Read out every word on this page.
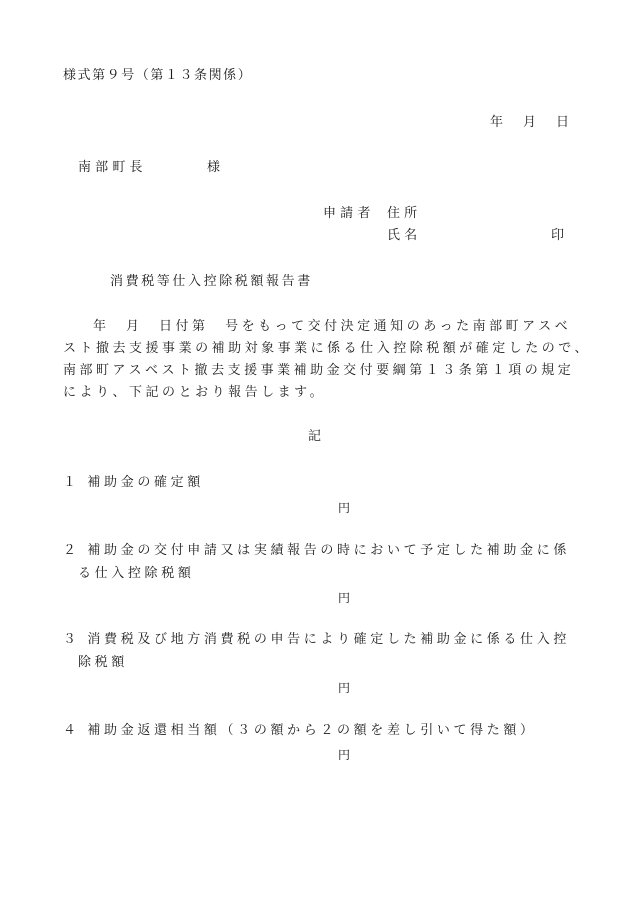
様式第９号（第１３条関係）
年 月 日
南部町長	様
申請者 住所
氏名	印
消費税等仕入控除税額報告書
年　月　日付第　号をもって交付決定通知のあった南部町アスベ
スト撤去支援事業の補助対象事業に係る仕入控除税額が確定したので、
南部町アスベスト撤去支援事業補助金交付要綱第１３条第１項の規定
により、下記のとおり報告します。
記
１ 補助金の確定額
円
２ 補助金の交付申請又は実績報告の時において予定した補助金に係
る仕入控除税額
円
３ 消費税及び地方消費税の申告により確定した補助金に係る仕入控
除税額
円
４ 補助金返還相当額（３の額から２の額を差し引いて得た額）
円
